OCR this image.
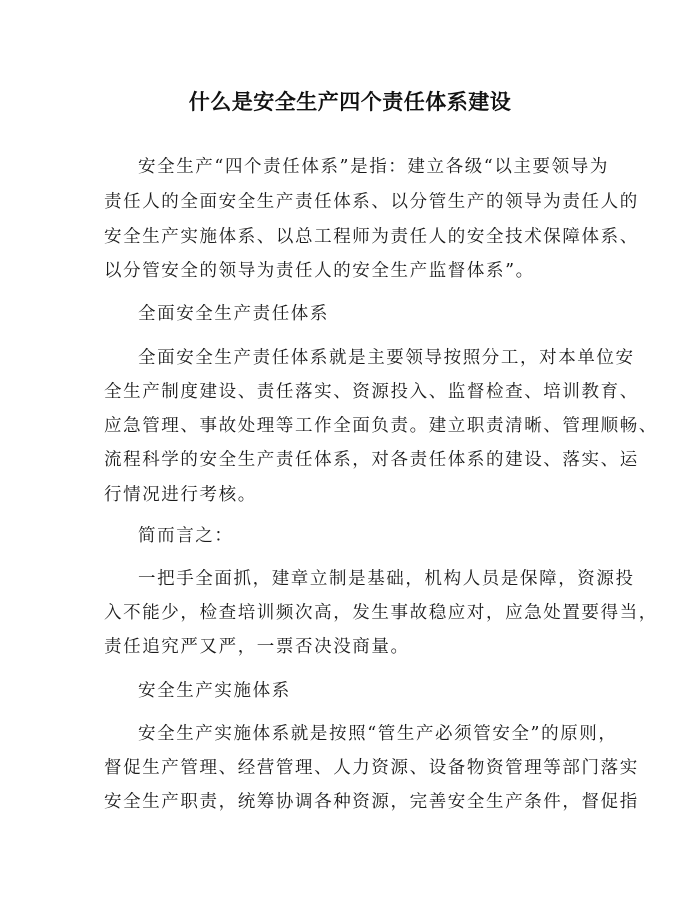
什么是安全生产四个责任体系建设
安全生产“四个责任体系”是指：建立各级“以主要领导为
责任人的全面安全生产责任体系、以分管生产的领导为责任人的
安全生产实施体系、以总工程师为责任人的安全技术保障体系、
以分管安全的领导为责任人的安全生产监督体系”。
全面安全生产责任体系
全面安全生产责任体系就是主要领导按照分工，对本单位安
全生产制度建设、责任落实、资源投入、监督检查、培训教育、
应急管理、事故处理等工作全面负责。建立职责清晰、管理顺畅、
流程科学的安全生产责任体系，对各责任体系的建设、落实、运
行情况进行考核。
简而言之：
一把手全面抓，建章立制是基础，机构人员是保障，资源投
入不能少，检查培训频次高，发生事故稳应对，应急处置要得当，
责任追究严又严，一票否决没商量。
安全生产实施体系
安全生产实施体系就是按照“管生产必须管安全”的原则，
督促生产管理、经营管理、人力资源、设备物资管理等部门落实
安全生产职责，统筹协调各种资源，完善安全生产条件，督促指
